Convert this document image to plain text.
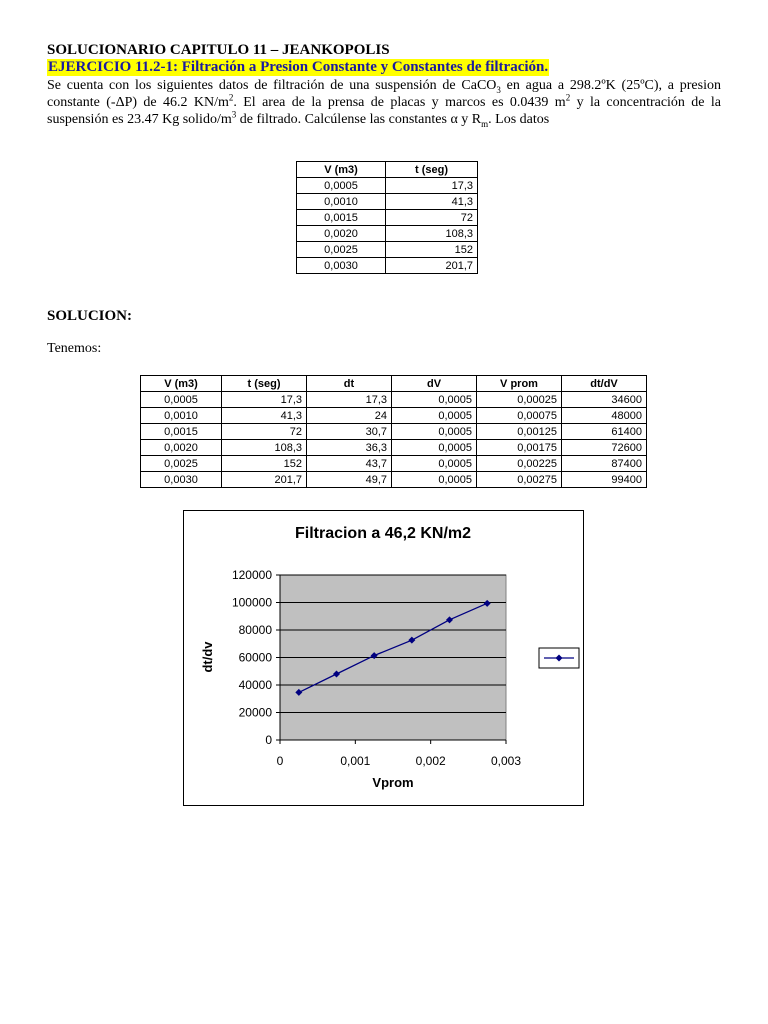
SOLUCIONARIO CAPITULO 11 – JEANKOPOLIS
EJERCICIO 11.2-1: Filtración a Presion Constante y Constantes de filtración.
Se cuenta con los siguientes datos de filtración de una suspensión de CaCO$_3$ en agua a 298.2ºK (25ºC), a presion constante (-ΔP) de 46.2 $KN/m^2$. El area de la prensa de placas y marcos es 0.0439 $m^2$ y la concentración de la suspensión es 23.47 Kg solido/$m^3$ de filtrado. Calcúlense las constantes α y $R_m$. Los datos
V (m3)	t (seg)
0,0005	17,3
0,0010	41,3
0,0015	72
0,0020	108,3
0,0025	152
0,0030	201,7
SOLUCION:
Tenemos:
V (m3)	t (seg)	dt	dV	V prom	dt/dV
0,0005	17,3	17,3	0,0005	0,00025	34600
0,0010	41,3	24	0,0005	0,00075	48000
0,0015	72	30,7	0,0005	0,00125	61400
0,0020	108,3	36,3	0,0005	0,00175	72600
0,0025	152	43,7	0,0005	0,00225	87400
0,0030	201,7	49,7	0,0005	0,00275	99400
Filtracion a 46,2 KN/m2
0
20000
40000
60000
80000
100000
120000
0	0,001	0,002	0,003
Vprom
dt/dv
